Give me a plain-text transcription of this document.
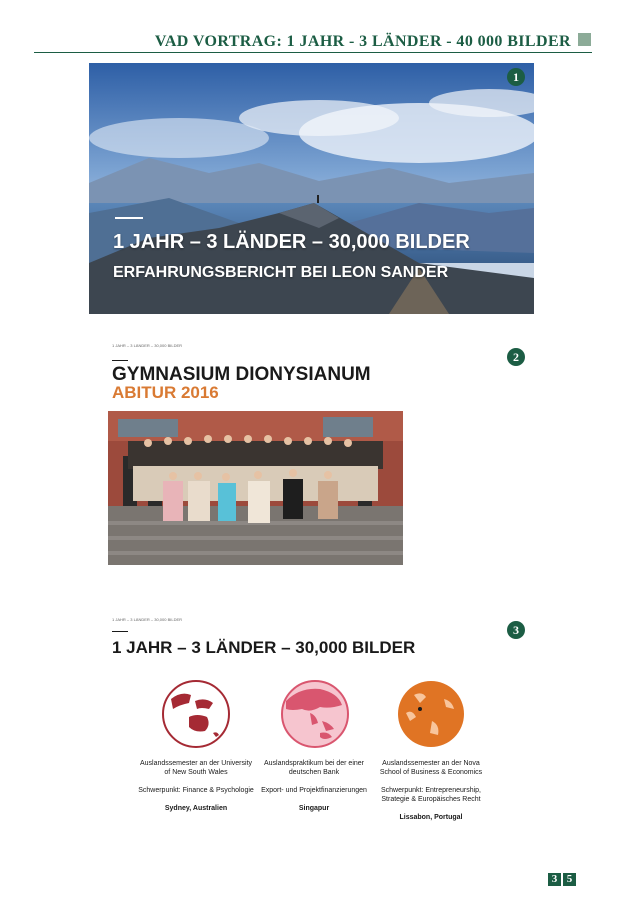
VAD VORTRAG: 1 JAHR - 3 LÄNDER - 40 000 BILDER
1 JAHR – 3 LÄNDER – 30,000 BILDER
ERFAHRUNGSBERICHT BEI LEON SANDER
1
1 JAHR – 3 LÄNDER – 30,000 BILDER
GYMNASIUM DIONYSIANUM
ABITUR 2016
2
1 JAHR – 3 LÄNDER – 30,000 BILDER
1 JAHR – 3 LÄNDER – 30,000 BILDER
3
Auslandssemester an der University of New South Wales
Schwerpunkt: Finance & Psychologie
Sydney, Australien
Auslandspraktikum bei der einer deutschen Bank
Export- und Projektfinanzierungen
Singapur
Auslandssemester an der Nova School of Business & Economics
Schwerpunkt: Entrepreneurship, Strategie & Europäisches Recht
Lissabon, Portugal
3 5
